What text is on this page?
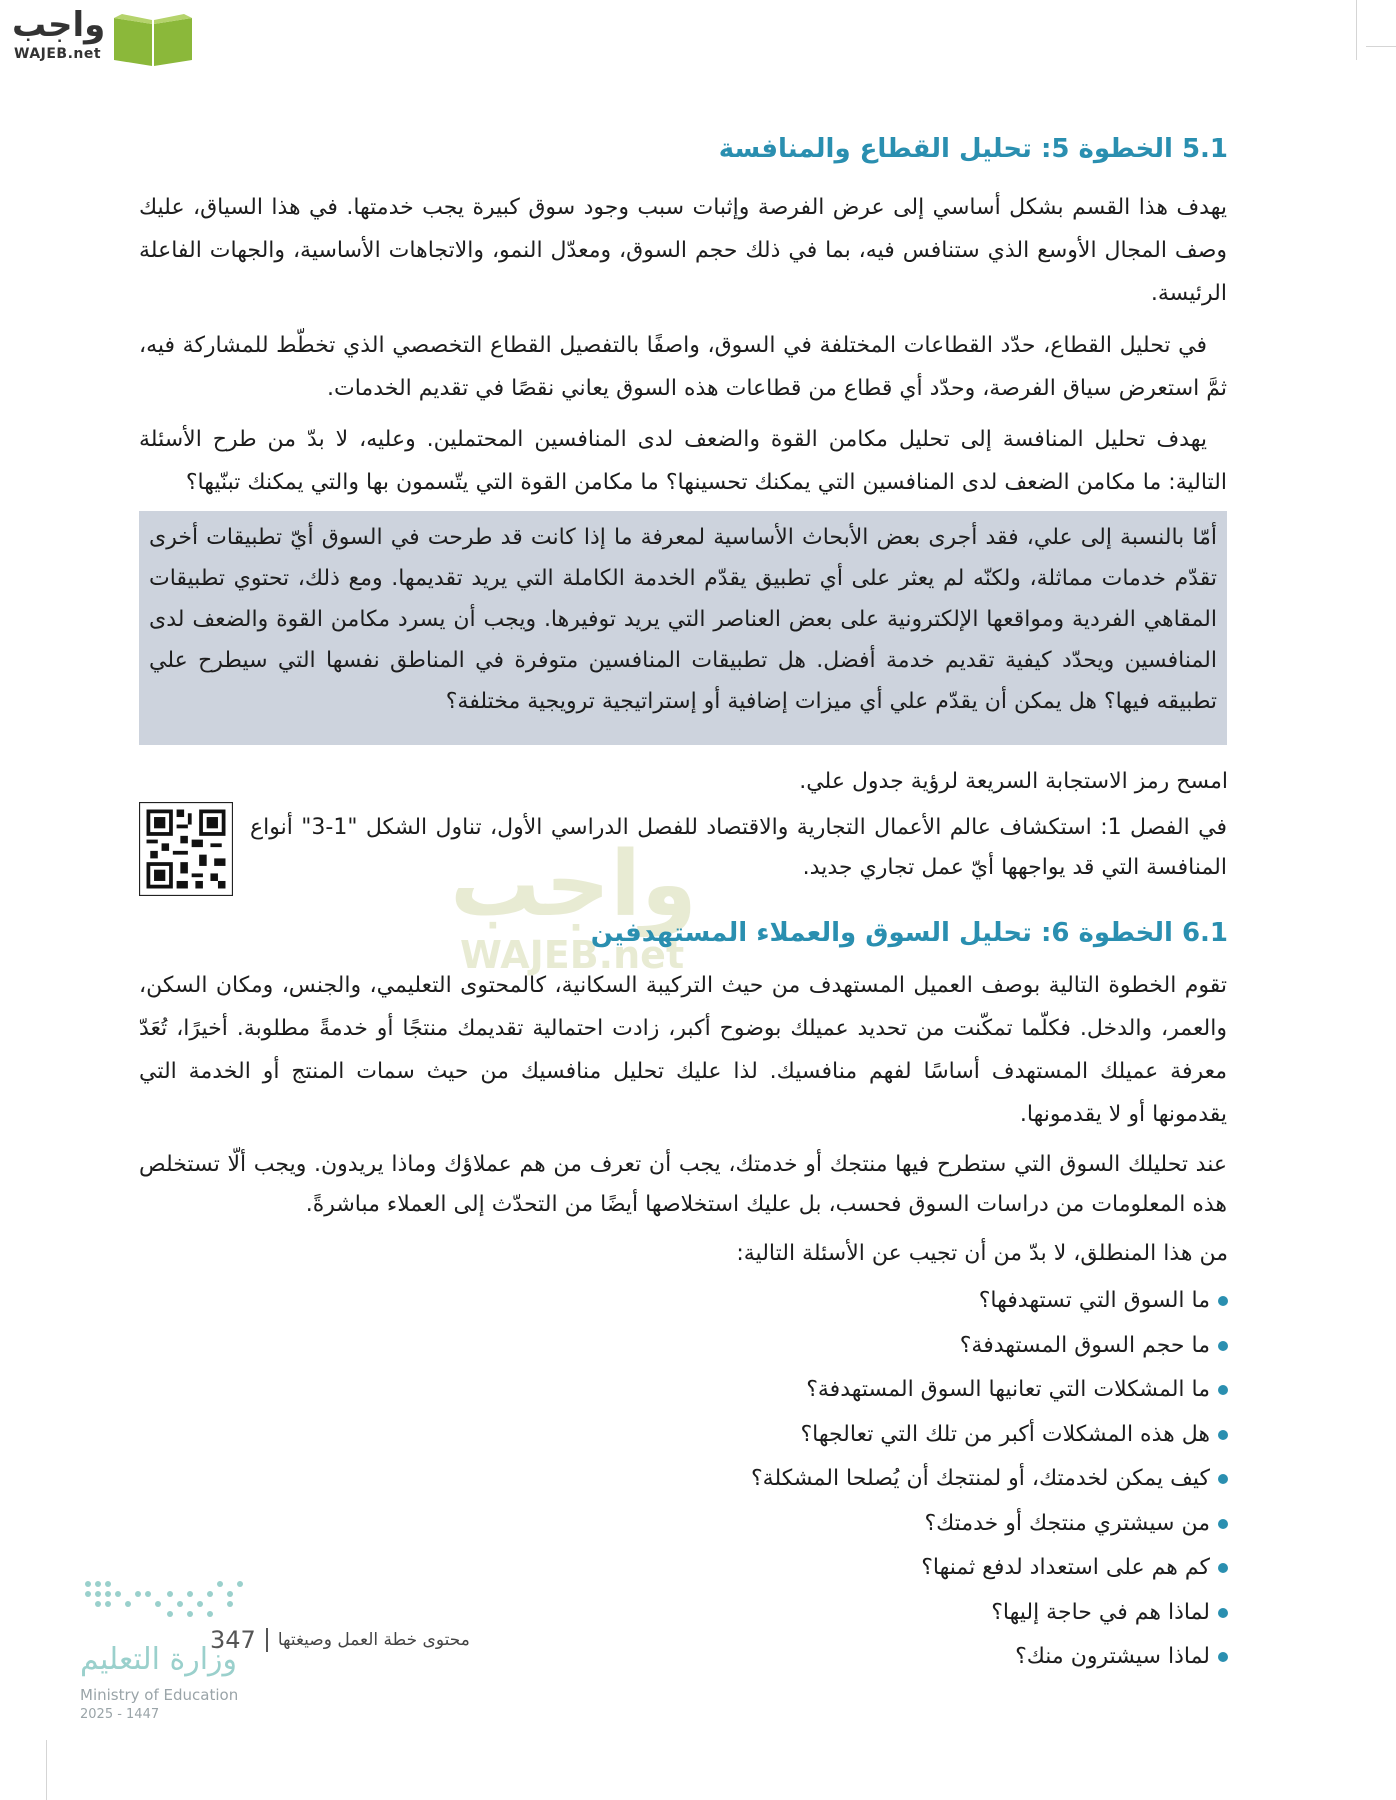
واجب
WAJEB.net
واجب
WAJEB.net
5.1 الخطوة 5: تحليل القطاع والمنافسة
يهدف هذا القسم بشكل أساسي إلى عرض الفرصة وإثبات سبب وجود سوق كبيرة يجب خدمتها. في هذا السياق، عليك وصف المجال الأوسع الذي ستنافس فيه، بما في ذلك حجم السوق، ومعدّل النمو، والاتجاهات الأساسية، والجهات الفاعلة الرئيسة.
في تحليل القطاع، حدّد القطاعات المختلفة في السوق، واصفًا بالتفصيل القطاع التخصصي الذي تخطّط للمشاركة فيه، ثمَّ استعرض سياق الفرصة، وحدّد أي قطاع من قطاعات هذه السوق يعاني نقصًا في تقديم الخدمات.
يهدف تحليل المنافسة إلى تحليل مكامن القوة والضعف لدى المنافسين المحتملين. وعليه، لا بدّ من طرح الأسئلة التالية: ما مكامن الضعف لدى المنافسين التي يمكنك تحسينها؟ ما مكامن القوة التي يتّسمون بها والتي يمكنك تبنّيها؟
أمّا بالنسبة إلى علي، فقد أجرى بعض الأبحاث الأساسية لمعرفة ما إذا كانت قد طرحت في السوق أيّ تطبيقات أخرى تقدّم خدمات مماثلة، ولكنّه لم يعثر على أي تطبيق يقدّم الخدمة الكاملة التي يريد تقديمها. ومع ذلك، تحتوي تطبيقات المقاهي الفردية ومواقعها الإلكترونية على بعض العناصر التي يريد توفيرها. ويجب أن يسرد مكامن القوة والضعف لدى المنافسين ويحدّد كيفية تقديم خدمة أفضل. هل تطبيقات المنافسين متوفرة في المناطق نفسها التي سيطرح علي تطبيقه فيها؟ هل يمكن أن يقدّم علي أي ميزات إضافية أو إستراتيجية ترويجية مختلفة؟
امسح رمز الاستجابة السريعة لرؤية جدول علي.
في الفصل 1: استكشاف عالم الأعمال التجارية والاقتصاد للفصل الدراسي الأول، تناول الشكل "1-3" أنواع المنافسة التي قد يواجهها أيّ عمل تجاري جديد.
6.1 الخطوة 6: تحليل السوق والعملاء المستهدفين
تقوم الخطوة التالية بوصف العميل المستهدف من حيث التركيبة السكانية، كالمحتوى التعليمي، والجنس، ومكان السكن، والعمر، والدخل. فكلّما تمكّنت من تحديد عميلك بوضوح أكبر، زادت احتمالية تقديمك منتجًا أو خدمةً مطلوبة. أخيرًا، تُعَدّ معرفة عميلك المستهدف أساسًا لفهم منافسيك. لذا عليك تحليل منافسيك من حيث سمات المنتج أو الخدمة التي يقدمونها أو لا يقدمونها.
عند تحليلك السوق التي ستطرح فيها منتجك أو خدمتك، يجب أن تعرف من هم عملاؤك وماذا يريدون. ويجب ألّا تستخلص هذه المعلومات من دراسات السوق فحسب، بل عليك استخلاصها أيضًا من التحدّث إلى العملاء مباشرةً.
من هذا المنطلق، لا بدّ من أن تجيب عن الأسئلة التالية:
ما السوق التي تستهدفها؟
ما حجم السوق المستهدفة؟
ما المشكلات التي تعانيها السوق المستهدفة؟
هل هذه المشكلات أكبر من تلك التي تعالجها؟
كيف يمكن لخدمتك، أو لمنتجك أن يُصلحا المشكلة؟
من سيشتري منتجك أو خدمتك؟
كم هم على استعداد لدفع ثمنها؟
لماذا هم في حاجة إليها؟
لماذا سيشترون منك؟
وزارة التعليم
Ministry of Education
2025 - 1447
347 محتوى خطة العمل وصيغتها
